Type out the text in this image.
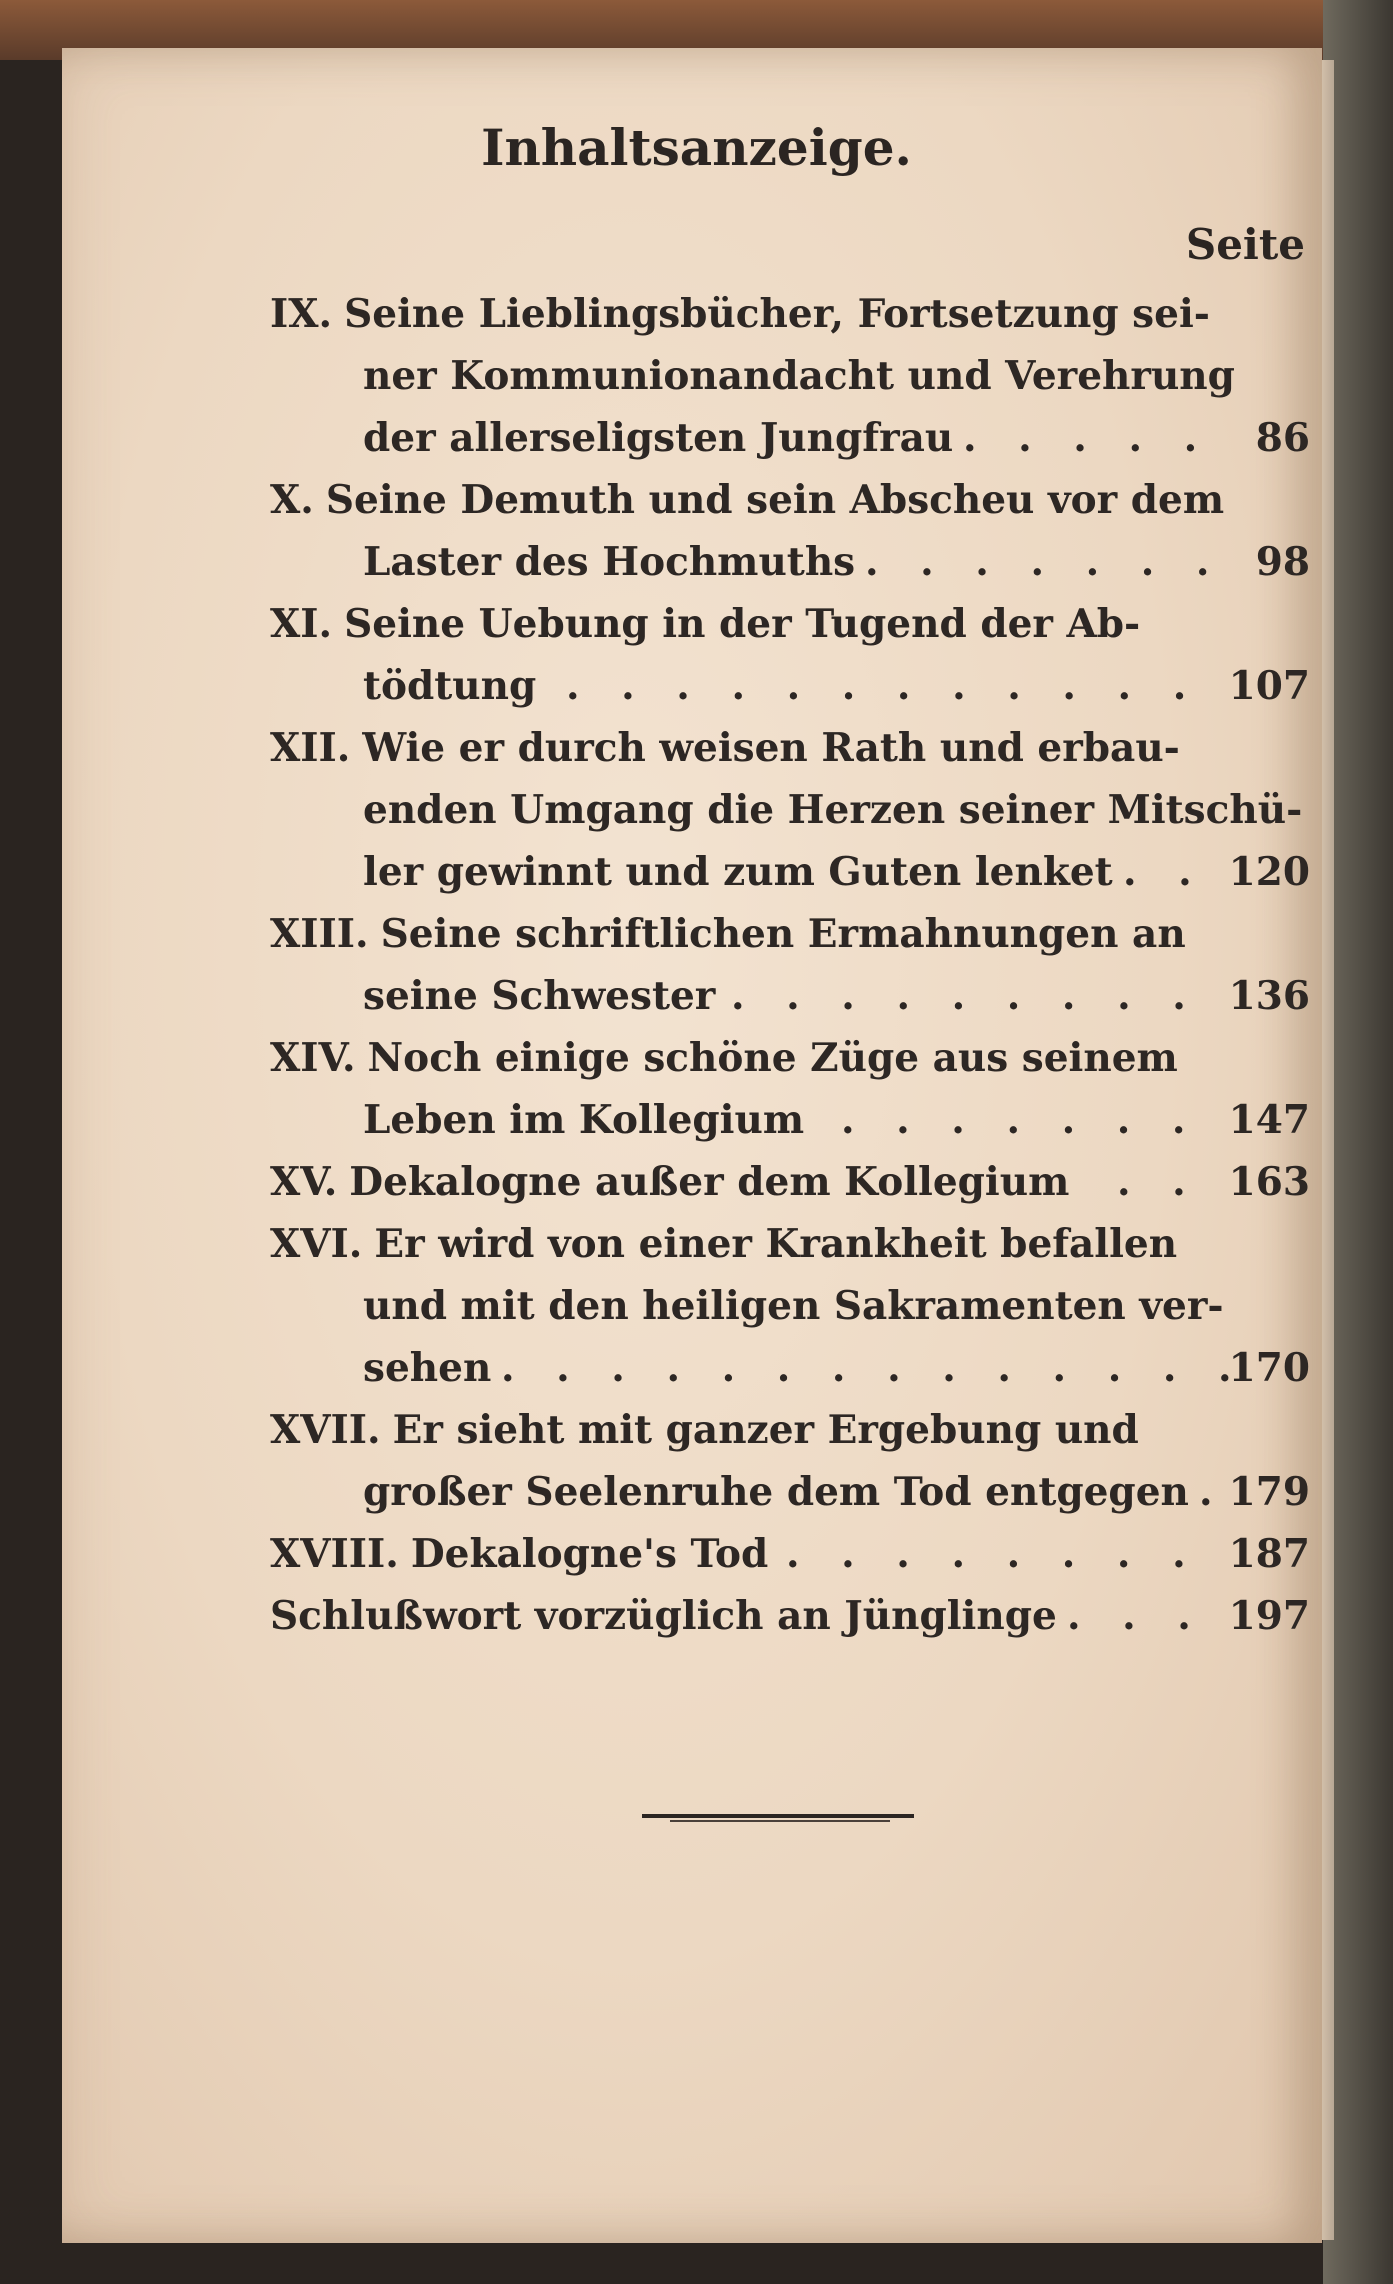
Inhaltsanzeige.
Seite
IX. Seine Lieblingsbücher, Fortsetzung sei-
ner Kommunionandacht und Verehrung
der allerseligsten Jungfrau . . . . .	86
X. Seine Demuth und sein Abscheu vor dem
Laster des Hochmuths . . . . . . . 98
XI. Seine Uebung in der Tugend der Ab-
tödtung . . . . . . . . . . . . 107
XII. Wie er durch weisen Rath und erbau-
enden Umgang die Herzen seiner Mitschü-
ler gewinnt und zum Guten lenket . . 120
XIII. Seine schriftlichen Ermahnungen an
seine Schwester . . . . . . . . . 136
XIV. Noch einige schöne Züge aus seinem
Leben im Kollegium . . . . . . . 147
XV. Dekalogne außer dem Kollegium . . 163
XVI. Er wird von einer Krankheit befallen
und mit den heiligen Sakramenten ver-
sehen . . . . . . . . . . . . . .
170
XVII. Er sieht mit ganzer Ergebung und
großer Seelenruhe dem Tod entgegen . 179
XVIII. Dekalogne's Tod . . . . . . . . 187
Schlußwort vorzüglich an Jünglinge . . . 197
